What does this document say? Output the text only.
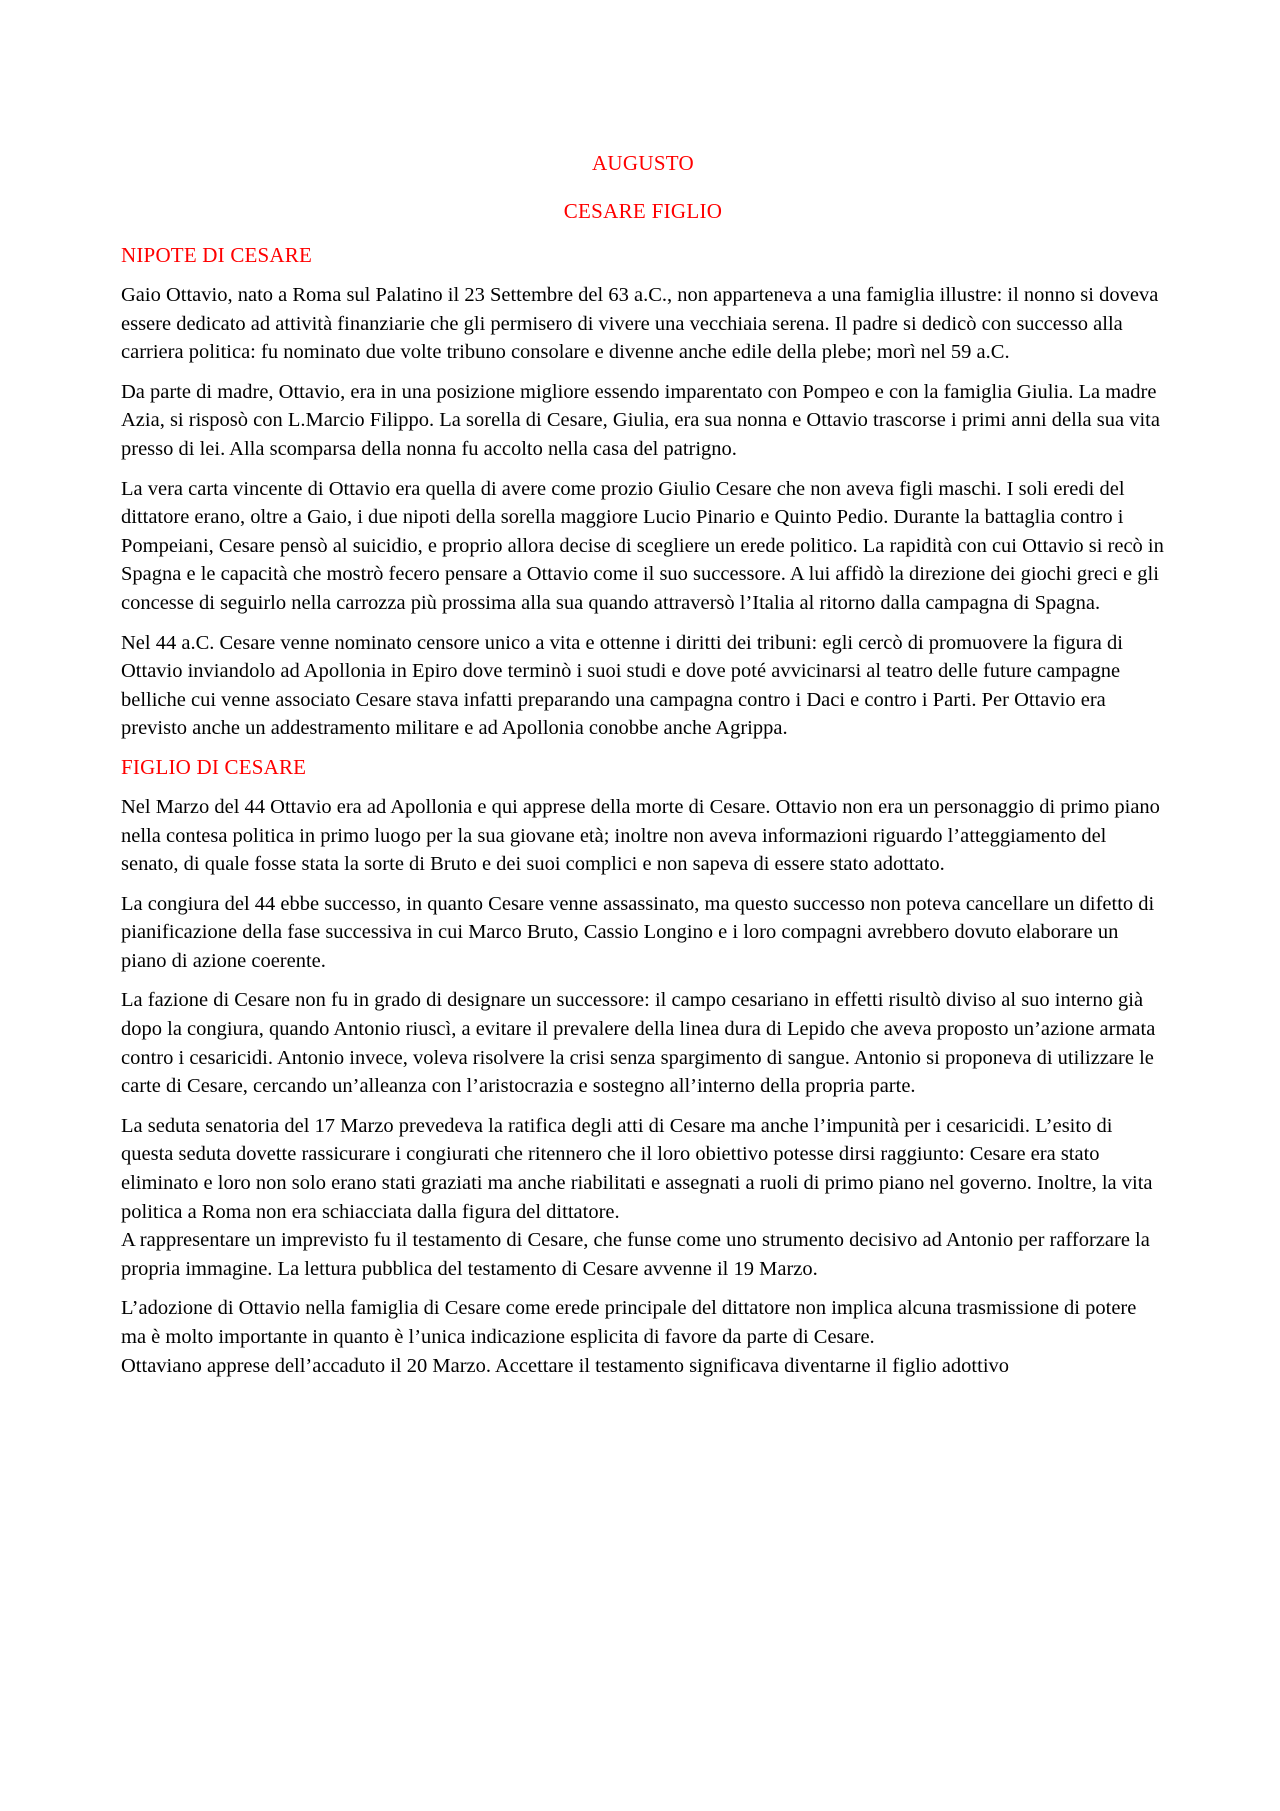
AUGUSTO
CESARE FIGLIO
NIPOTE DI CESARE

Gaio Ottavio, nato a Roma sul Palatino il 23 Settembre del 63 a.C., non apparteneva a una famiglia illustre: il nonno si doveva essere dedicato ad attività finanziarie che gli permisero di vivere una vecchiaia serena. Il padre si dedicò con successo alla carriera politica: fu nominato due volte tribuno consolare e divenne anche edile della plebe; morì nel 59 a.C.

Da parte di madre, Ottavio, era in una posizione migliore essendo imparentato con Pompeo e con la famiglia Giulia. La madre Azia, si risposò con L.Marcio Filippo. La sorella di Cesare, Giulia, era sua nonna e Ottavio trascorse i primi anni della sua vita presso di lei. Alla scomparsa della nonna fu accolto nella casa del patrigno.

La vera carta vincente di Ottavio era quella di avere come prozio Giulio Cesare che non aveva figli maschi. I soli eredi del dittatore erano, oltre a Gaio, i due nipoti della sorella maggiore Lucio Pinario e Quinto Pedio. Durante la battaglia contro i Pompeiani, Cesare pensò al suicidio, e proprio allora decise di scegliere un erede politico. La rapidità con cui Ottavio si recò in Spagna e le capacità che mostrò fecero pensare a Ottavio come il suo successore. A lui affidò la direzione dei giochi greci e gli concesse di seguirlo nella carrozza più prossima alla sua quando attraversò l’Italia al ritorno dalla campagna di Spagna.

Nel 44 a.C. Cesare venne nominato censore unico a vita e ottenne i diritti dei tribuni: egli cercò di promuovere la figura di Ottavio inviandolo ad Apollonia in Epiro dove terminò i suoi studi e dove poté avvicinarsi al teatro delle future campagne belliche cui venne associato Cesare stava infatti preparando una campagna contro i Daci e contro i Parti. Per Ottavio era previsto anche un addestramento militare e ad Apollonia conobbe anche Agrippa.

FIGLIO DI CESARE

Nel Marzo del 44 Ottavio era ad Apollonia e qui apprese della morte di Cesare. Ottavio non era un personaggio di primo piano nella contesa politica in primo luogo per la sua giovane età; inoltre non aveva informazioni riguardo l’atteggiamento del senato, di quale fosse stata la sorte di Bruto e dei suoi complici e non sapeva di essere stato adottato.

La congiura del 44 ebbe successo, in quanto Cesare venne assassinato, ma questo successo non poteva cancellare un difetto di pianificazione della fase successiva in cui Marco Bruto, Cassio Longino e i loro compagni avrebbero dovuto elaborare un piano di azione coerente.

La fazione di Cesare non fu in grado di designare un successore: il campo cesariano in effetti risultò diviso al suo interno già dopo la congiura, quando Antonio riuscì, a evitare il prevalere della linea dura di Lepido che aveva proposto un’azione armata contro i cesaricidi. Antonio invece, voleva risolvere la crisi senza spargimento di sangue. Antonio si proponeva di utilizzare le carte di Cesare, cercando un’alleanza con l’aristocrazia e sostegno all’interno della propria parte.

La seduta senatoria del 17 Marzo prevedeva la ratifica degli atti di Cesare ma anche l’impunità per i cesaricidi. L’esito di questa seduta dovette rassicurare i congiurati che ritennero che il loro obiettivo potesse dirsi raggiunto: Cesare era stato eliminato e loro non solo erano stati graziati ma anche riabilitati e assegnati a ruoli di primo piano nel governo. Inoltre, la vita politica a Roma non era schiacciata dalla figura del dittatore.
A rappresentare un imprevisto fu il testamento di Cesare, che funse come uno strumento decisivo ad Antonio per rafforzare la propria immagine. La lettura pubblica del testamento di Cesare avvenne il 19 Marzo.

L’adozione di Ottavio nella famiglia di Cesare come erede principale del dittatore non implica alcuna trasmissione di potere ma è molto importante in quanto è l’unica indicazione esplicita di favore da parte di Cesare.
Ottaviano apprese dell’accaduto il 20 Marzo. Accettare il testamento significava diventarne il figlio adottivo
